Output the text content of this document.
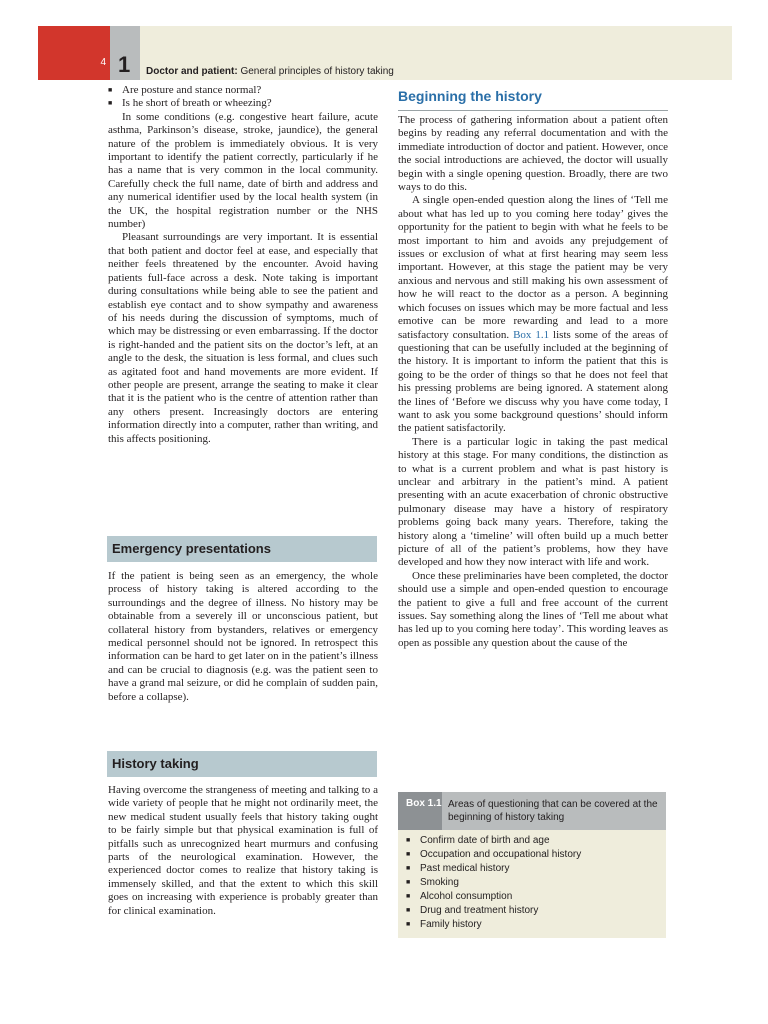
4 1 Doctor and patient: General principles of history taking
■ Are posture and stance normal?
■ Is he short of breath or wheezing?

In some conditions (e.g. congestive heart failure, acute asthma, Parkinson’s disease, stroke, jaundice), the general nature of the problem is immediately obvious. It is very important to identify the patient correctly, particularly if he has a name that is very common in the local community. Carefully check the full name, date of birth and address and any numerical identifier used by the local health system (in the UK, the hospital registration number or the NHS number)

Pleasant surroundings are very important. It is essential that both patient and doctor feel at ease, and especially that neither feels threatened by the encounter. Avoid having patients full-face across a desk. Note taking is important during consultations while being able to see the patient and establish eye contact and to show sympathy and awareness of his needs during the discussion of symptoms, much of which may be distressing or even embarrassing. If the doctor is right-handed and the patient sits on the doctor’s left, at an angle to the desk, the situation is less formal, and clues such as agitated foot and hand movements are more evident. If other people are present, arrange the seating to make it clear that it is the patient who is the centre of attention rather than any others present. Increasingly doctors are entering information directly into a computer, rather than writing, and this affects positioning.

Emergency presentations

If the patient is being seen as an emergency, the whole process of history taking is altered according to the surroundings and the degree of illness. No history may be obtainable from a severely ill or unconscious patient, but collateral history from bystanders, relatives or emergency medical personnel should not be ignored. In retrospect this information can be hard to get later on in the patient’s illness and can be crucial to diagnosis (e.g. was the patient seen to have a grand mal seizure, or did he complain of sudden pain, before a collapse).

History taking

Having overcome the strangeness of meeting and talking to a wide variety of people that he might not ordinarily meet, the new medical student usually feels that history taking ought to be fairly simple but that physical examination is full of pitfalls such as unrecognized heart murmurs and confusing parts of the neurological examination. However, the experienced doctor comes to realize that history taking is immensely skilled, and that the extent to which this skill goes on increasing with experience is probably greater than for clinical examination.

Beginning the history

The process of gathering information about a patient often begins by reading any referral documentation and with the immediate introduction of doctor and patient. However, once the social introductions are achieved, the doctor will usually begin with a single opening question. Broadly, there are two ways to do this.

A single open-ended question along the lines of ‘Tell me about what has led up to you coming here today’ gives the opportunity for the patient to begin with what he feels to be most important to him and avoids any prejudgement of issues or exclusion of what at first hearing may seem less important. However, at this stage the patient may be very anxious and nervous and still making his own assessment of how he will react to the doctor as a person. A beginning which focuses on issues which may be more factual and less emotive can be more rewarding and lead to a more satisfactory consultation. Box 1.1 lists some of the areas of questioning that can be usefully included at the beginning of the history. It is important to inform the patient that this is going to be the order of things so that he does not feel that his pressing problems are being ignored. A statement along the lines of ‘Before we discuss why you have come today, I want to ask you some background questions’ should inform the patient satisfactorily.

There is a particular logic in taking the past medical history at this stage. For many conditions, the distinction as to what is a current problem and what is past history is unclear and arbitrary in the patient’s mind. A patient presenting with an acute exacerbation of chronic obstructive pulmonary disease may have a history of respiratory problems going back many years. Therefore, taking the history along a ‘timeline’ will often build up a much better picture of all of the patient’s problems, how they have developed and how they now interact with life and work.

Once these preliminaries have been completed, the doctor should use a simple and open-ended question to encourage the patient to give a full and free account of the current issues. Say something along the lines of ‘Tell me about what has led up to you coming here today’. This wording leaves as open as possible any question about the cause of the

Box 1.1 Areas of questioning that can be covered at the beginning of history taking
■ Confirm date of birth and age
■ Occupation and occupational history
■ Past medical history
■ Smoking
■ Alcohol consumption
■ Drug and treatment history
■ Family history
